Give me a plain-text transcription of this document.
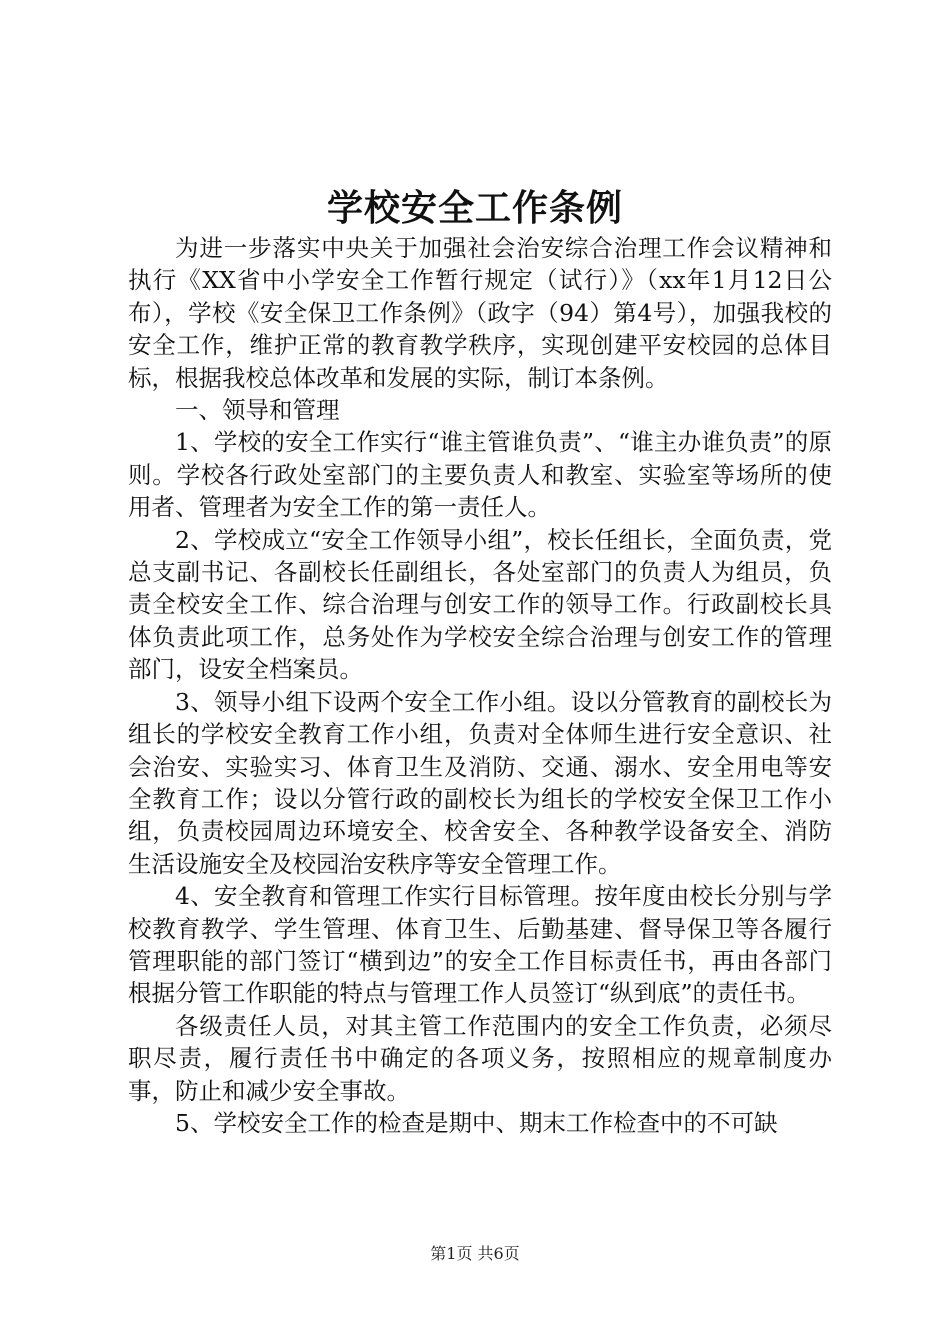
学校安全工作条例

为进一步落实中央关于加强社会治安综合治理工作会议精神和执行《XX省中小学安全工作暂行规定（试行）》（xx年1月12日公布），学校《安全保卫工作条例》（政字（94）第4号），加强我校的安全工作，维护正常的教育教学秩序，实现创建平安校园的总体目标，根据我校总体改革和发展的实际，制订本条例。

一、领导和管理

1、学校的安全工作实行“谁主管谁负责”、“谁主办谁负责”的原则。学校各行政处室部门的主要负责人和教室、实验室等场所的使用者、管理者为安全工作的第一责任人。

2、学校成立“安全工作领导小组”，校长任组长，全面负责，党总支副书记、各副校长任副组长，各处室部门的负责人为组员，负责全校安全工作、综合治理与创安工作的领导工作。行政副校长具体负责此项工作，总务处作为学校安全综合治理与创安工作的管理部门，设安全档案员。

3、领导小组下设两个安全工作小组。设以分管教育的副校长为组长的学校安全教育工作小组，负责对全体师生进行安全意识、社会治安、实验实习、体育卫生及消防、交通、溺水、安全用电等安全教育工作；设以分管行政的副校长为组长的学校安全保卫工作小组，负责校园周边环境安全、校舍安全、各种教学设备安全、消防生活设施安全及校园治安秩序等安全管理工作。

4、安全教育和管理工作实行目标管理。按年度由校长分别与学校教育教学、学生管理、体育卫生、后勤基建、督导保卫等各履行管理职能的部门签订“横到边”的安全工作目标责任书，再由各部门根据分管工作职能的特点与管理工作人员签订“纵到底”的责任书。

各级责任人员，对其主管工作范围内的安全工作负责，必须尽职尽责，履行责任书中确定的各项义务，按照相应的规章制度办事，防止和减少安全事故。

5、学校安全工作的检查是期中、期末工作检查中的不可缺

第1页 共6页
